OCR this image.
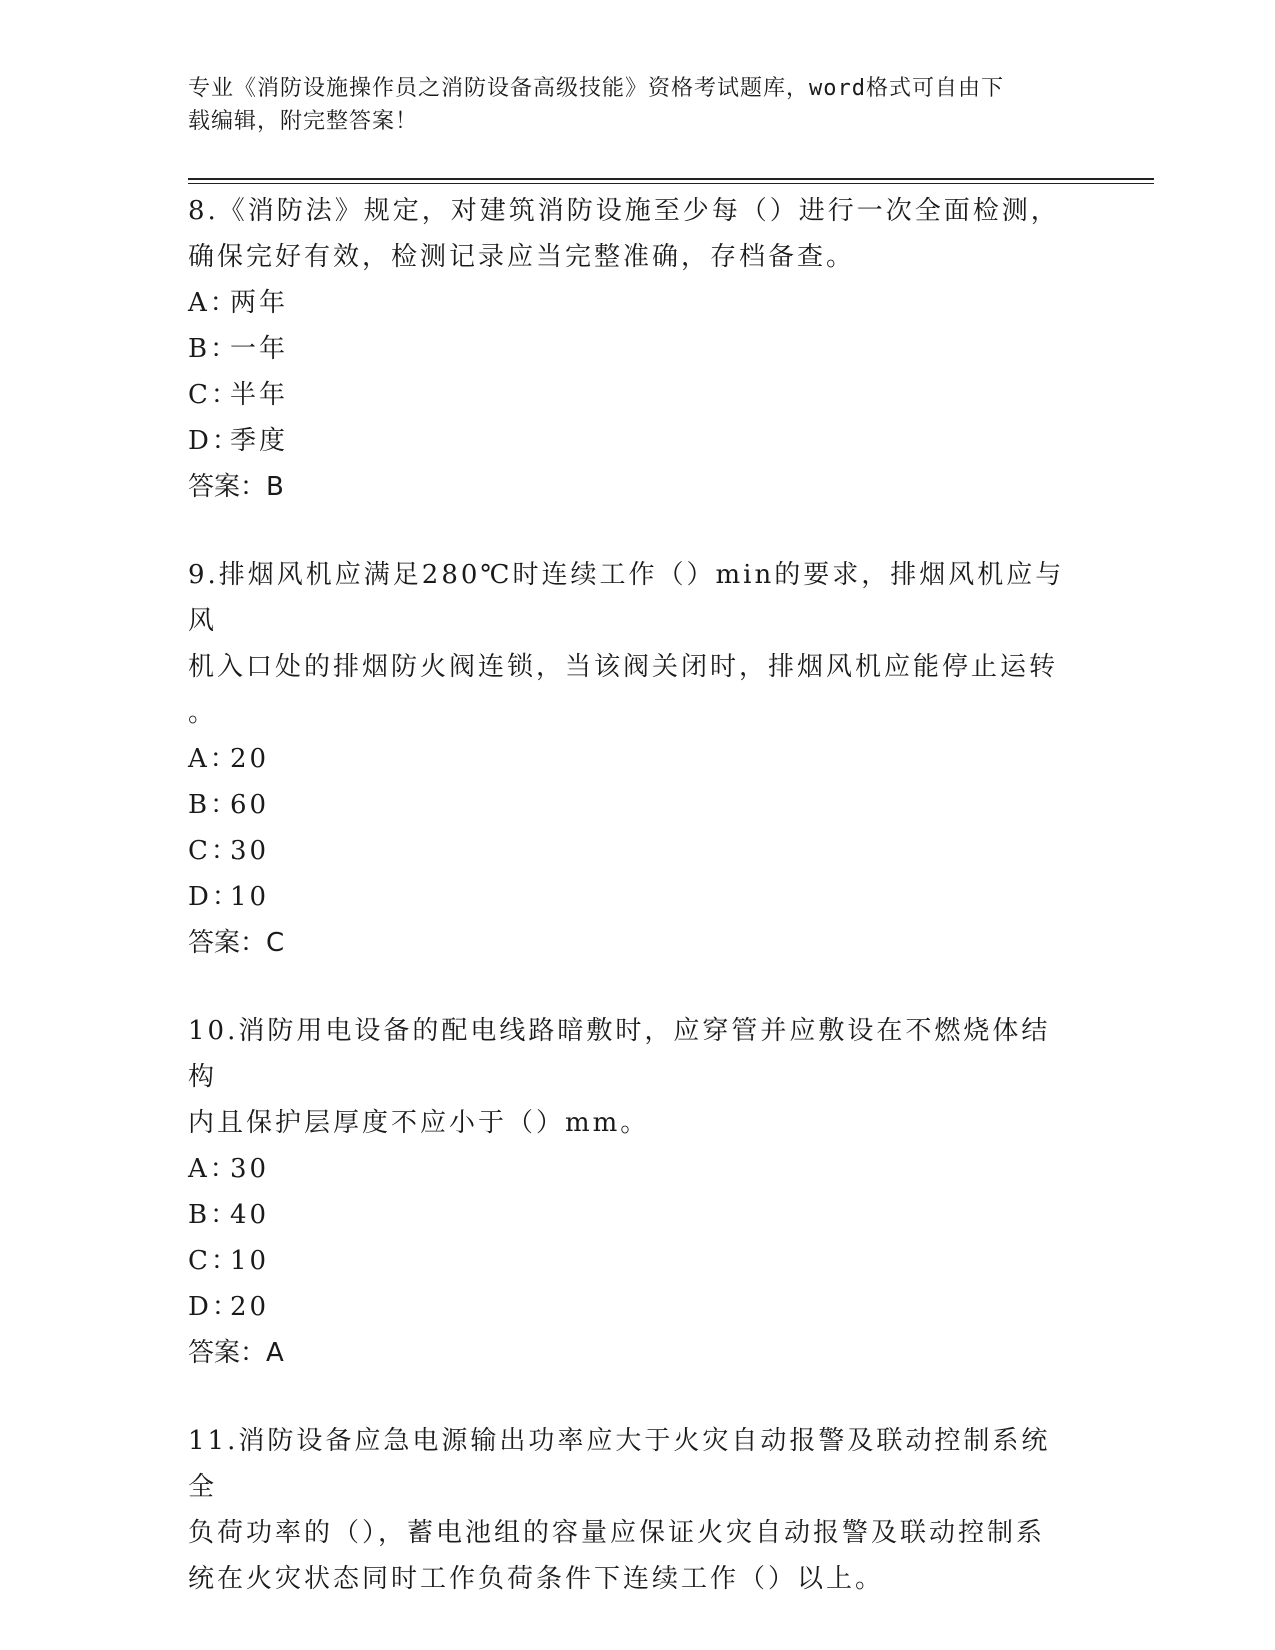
专业《消防设施操作员之消防设备高级技能》资格考试题库，word格式可自由下

载编辑，附完整答案！

8.《消防法》规定，对建筑消防设施至少每（）进行一次全面检测，

确保完好有效，检测记录应当完整准确，存档备查。

A：两年

B：一年

C：半年

D：季度

答案：B

9.排烟风机应满足280℃时连续工作（）min的要求，排烟风机应与风

机入口处的排烟防火阀连锁，当该阀关闭时，排烟风机应能停止运转

。

A：20

B：60

C：30

D：10

答案：C

10.消防用电设备的配电线路暗敷时，应穿管并应敷设在不燃烧体结构

内且保护层厚度不应小于（）mm。

A：30

B：40

C：10

D：20

答案：A

11.消防设备应急电源输出功率应大于火灾自动报警及联动控制系统全

负荷功率的（），蓄电池组的容量应保证火灾自动报警及联动控制系

统在火灾状态同时工作负荷条件下连续工作（）以上。
